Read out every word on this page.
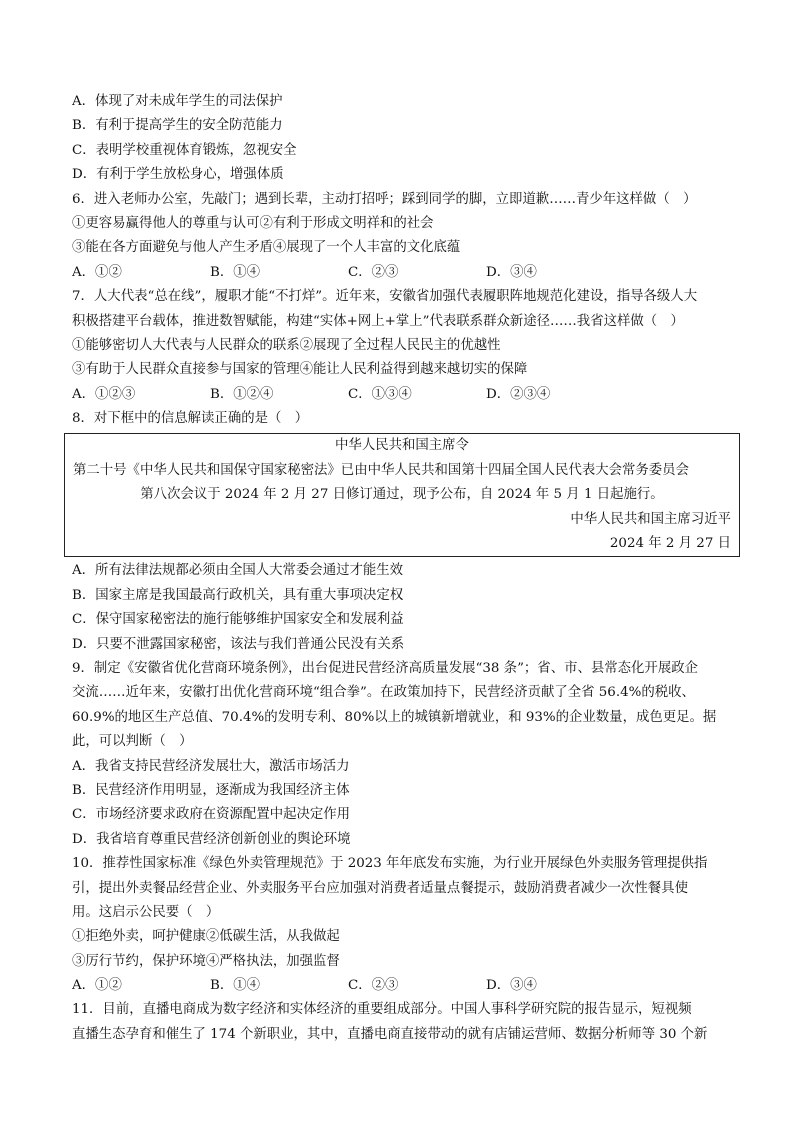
A．体现了对未成年学生的司法保护
B．有利于提高学生的安全防范能力
C．表明学校重视体育锻炼，忽视安全
D．有利于学生放松身心，增强体质
6．进入老师办公室，先敲门；遇到长辈，主动打招呼；踩到同学的脚，立即道歉……青少年这样做（　）
①更容易赢得他人的尊重与认可②有利于形成文明祥和的社会
③能在各方面避免与他人产生矛盾④展现了一个人丰富的文化底蕴
A．①②	B．①④	C．②③	D．③④
7．人大代表“总在线”，履职才能“不打烊”。近年来，安徽省加强代表履职阵地规范化建设，指导各级人大
积极搭建平台载体，推进数智赋能，构建“实体+网上+掌上”代表联系群众新途径……我省这样做（　）
①能够密切人大代表与人民群众的联系②展现了全过程人民民主的优越性
③有助于人民群众直接参与国家的管理④能让人民利益得到越来越切实的保障
A．①②③	B．①②④	C．①③④	D．②③④
8．对下框中的信息解读正确的是（　）
中华人民共和国主席令
第二十号《中华人民共和国保守国家秘密法》已由中华人民共和国第十四届全国人民代表大会常务委员会
第八次会议于 2024 年 2 月 27 日修订通过，现予公布，自 2024 年 5 月 1 日起施行。
中华人民共和国主席习近平
2024 年 2 月 27 日
A．所有法律法规都必须由全国人大常委会通过才能生效
B．国家主席是我国最高行政机关，具有重大事项决定权
C．保守国家秘密法的施行能够维护国家安全和发展利益
D．只要不泄露国家秘密，该法与我们普通公民没有关系
9．制定《安徽省优化营商环境条例》，出台促进民营经济高质量发展“38 条”；省、市、县常态化开展政企
交流……近年来，安徽打出优化营商环境“组合拳”。在政策加持下，民营经济贡献了全省 56.4%的税收、
60.9%的地区生产总值、70.4%的发明专利、80%以上的城镇新增就业，和 93%的企业数量，成色更足。据
此，可以判断（　）
A．我省支持民营经济发展壮大，激活市场活力
B．民营经济作用明显，逐渐成为我国经济主体
C．市场经济要求政府在资源配置中起决定作用
D．我省培育尊重民营经济创新创业的舆论环境
10．推荐性国家标准《绿色外卖管理规范》于 2023 年年底发布实施，为行业开展绿色外卖服务管理提供指
引，提出外卖餐品经营企业、外卖服务平台应加强对消费者适量点餐提示，鼓励消费者减少一次性餐具使
用。这启示公民要（　）
①拒绝外卖，呵护健康②低碳生活，从我做起
③厉行节约，保护环境④严格执法，加强监督
A．①②	B．①④	C．②③	D．③④
11．目前，直播电商成为数字经济和实体经济的重要组成部分。中国人事科学研究院的报告显示，短视频
直播生态孕育和催生了 174 个新职业，其中，直播电商直接带动的就有店铺运营师、数据分析师等 30 个新
